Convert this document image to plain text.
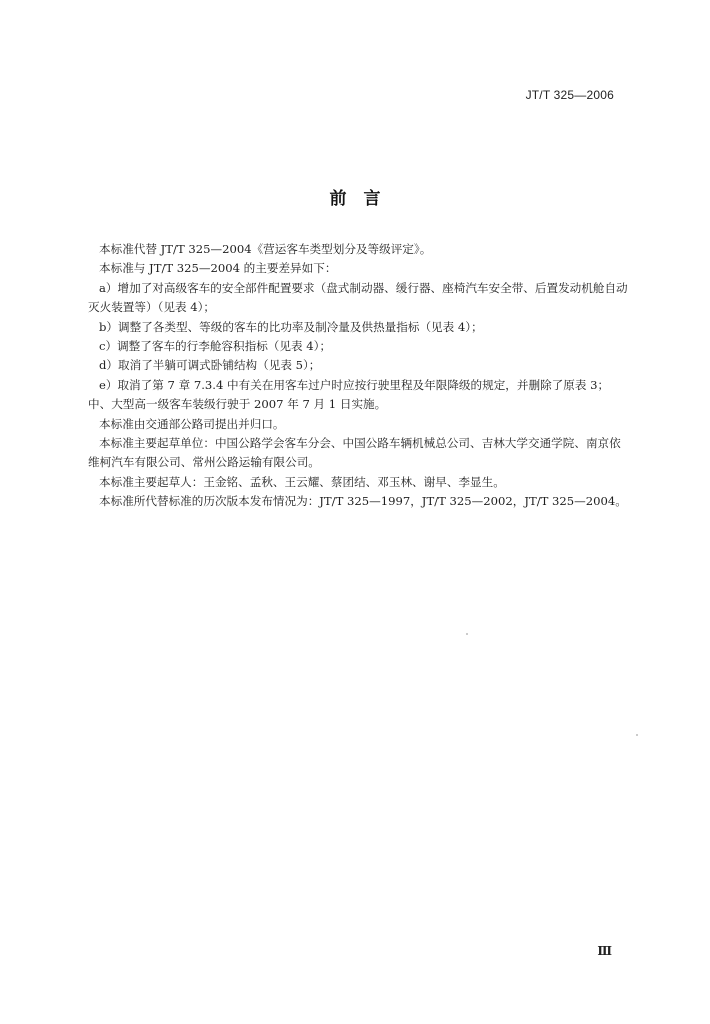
JT/T 325—2006
前　言

本标准代替 JT/T 325—2004《营运客车类型划分及等级评定》。

本标准与 JT/T 325—2004 的主要差异如下：

a）增加了对高级客车的安全部件配置要求（盘式制动器、缓行器、座椅汽车安全带、后置发动机舱自动灭火装置等）（见表 4）；

b）调整了各类型、等级的客车的比功率及制冷量及供热量指标（见表 4）；

c）调整了客车的行李舱容积指标（见表 4）；

d）取消了半躺可调式卧铺结构（见表 5）；

e）取消了第 7 章 7.3.4 中有关在用客车过户时应按行驶里程及年限降级的规定，并删除了原表 3；中、大型高一级客车装级行驶于 2007 年 7 月 1 日实施。

本标准由交通部公路司提出并归口。

本标准主要起草单位：中国公路学会客车分会、中国公路车辆机械总公司、吉林大学交通学院、南京依维柯汽车有限公司、常州公路运输有限公司。

本标准主要起草人：王金铭、孟秋、王云耀、蔡团结、邓玉林、谢早、李显生。

本标准所代替标准的历次版本发布情况为：JT/T 325—1997，JT/T 325—2002，JT/T 325—2004。

Ⅲ
